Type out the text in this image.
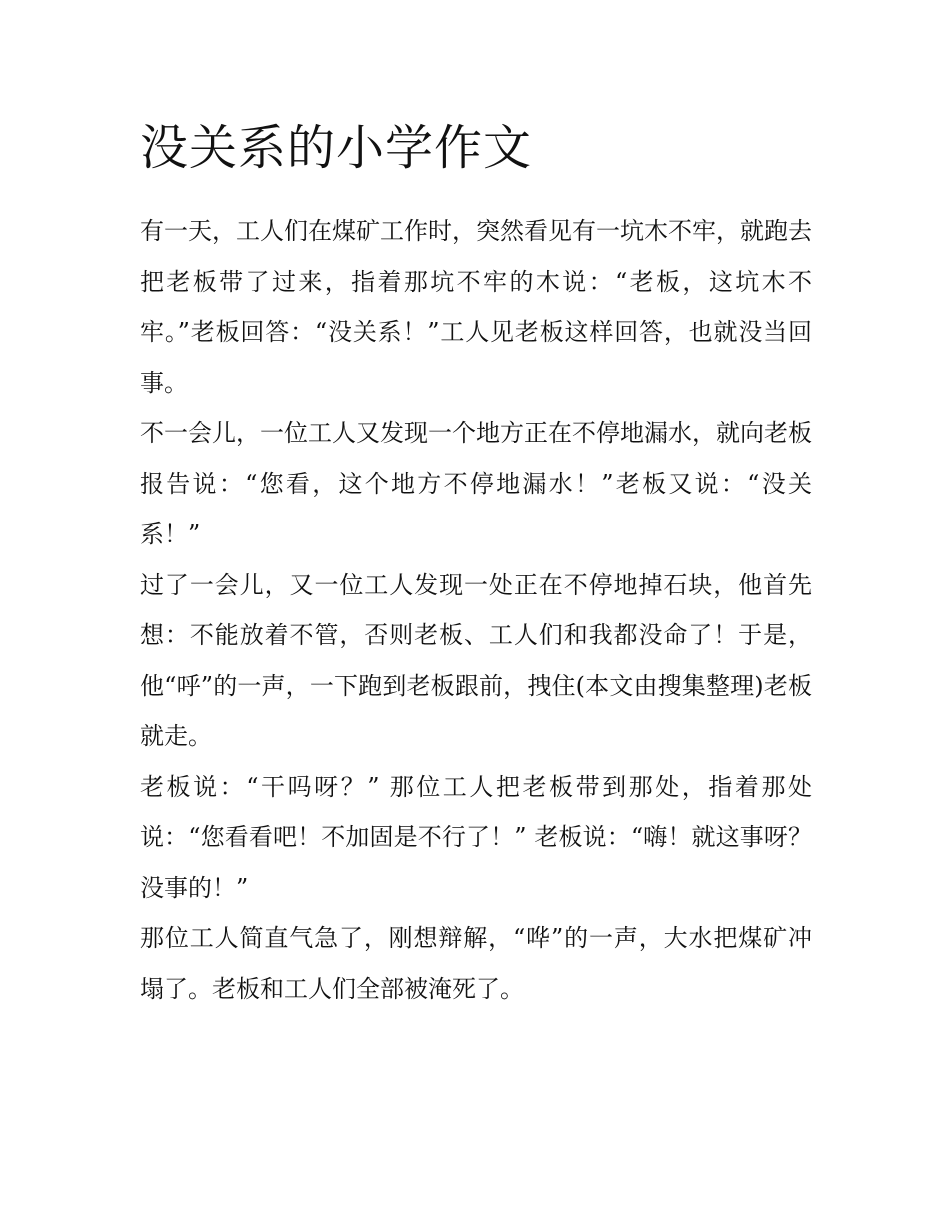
没关系的小学作文

有一天，工人们在煤矿工作时，突然看见有一坑木不牢，就跑去把老板带了过来，指着那坑不牢的木说：“老板，这坑木不牢。”老板回答：“没关系！”工人见老板这样回答，也就没当回事。

不一会儿，一位工人又发现一个地方正在不停地漏水，就向老板报告说：“您看，这个地方不停地漏水！”老板又说：“没关系！”

过了一会儿，又一位工人发现一处正在不停地掉石块，他首先想：不能放着不管，否则老板、工人们和我都没命了！于是，他“呼”的一声，一下跑到老板跟前，拽住(本文由搜集整理)老板就走。

老板说：“干吗呀？” 那位工人把老板带到那处，指着那处说：“您看看吧！不加固是不行了！” 老板说：“嗨！就这事呀？没事的！”

那位工人简直气急了，刚想辩解，“哗”的一声，大水把煤矿冲塌了。老板和工人们全部被淹死了。
